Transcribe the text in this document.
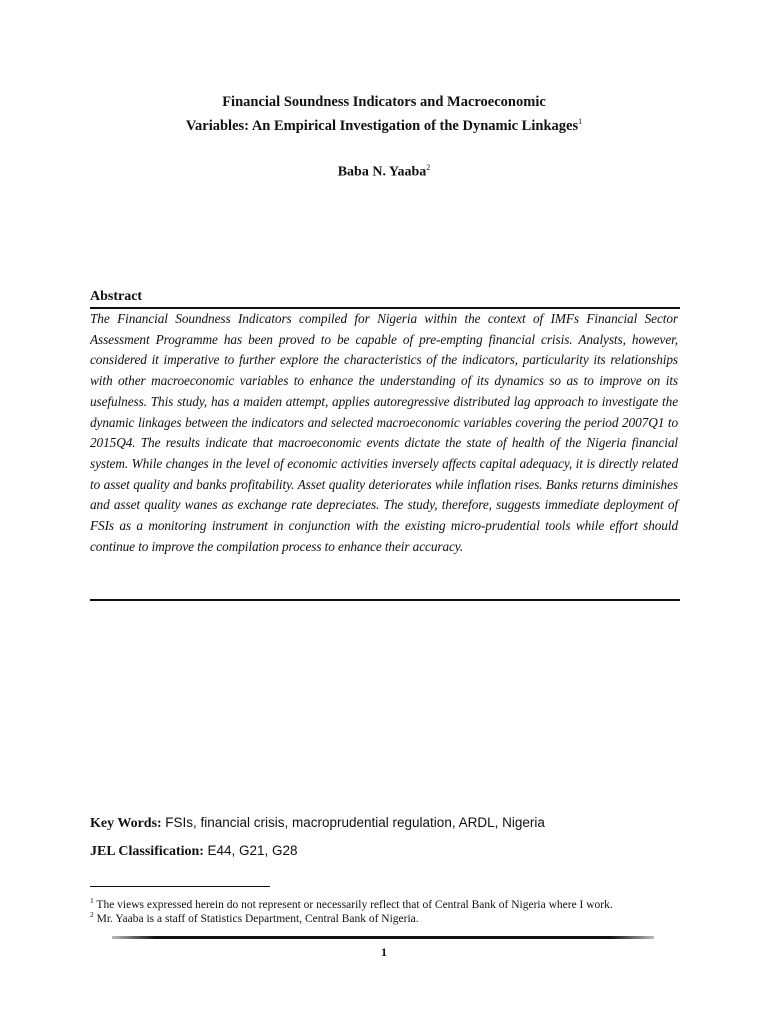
Financial Soundness Indicators and Macroeconomic
Variables: An Empirical Investigation of the Dynamic Linkages$^1$
Baba N. Yaaba$^2$
Abstract
The Financial Soundness Indicators compiled for Nigeria within the context of IMFs Financial Sector Assessment Programme has been proved to be capable of pre-empting financial crisis. Analysts, however, considered it imperative to further explore the characteristics of the indicators, particularity its relationships with other macroeconomic variables to enhance the understanding of its dynamics so as to improve on its usefulness. This study, has a maiden attempt, applies autoregressive distributed lag approach to investigate the dynamic linkages between the indicators and selected macroeconomic variables covering the period 2007Q1 to 2015Q4. The results indicate that macroeconomic events dictate the state of health of the Nigeria financial system. While changes in the level of economic activities inversely affects capital adequacy, it is directly related to asset quality and banks profitability. Asset quality deteriorates while inflation rises. Banks returns diminishes and asset quality wanes as exchange rate depreciates. The study, therefore, suggests immediate deployment of FSIs as a monitoring instrument in conjunction with the existing micro-prudential tools while effort should continue to improve the compilation process to enhance their accuracy.
Key Words: FSIs, financial crisis, macroprudential regulation, ARDL, Nigeria
JEL Classification: E44, G21, G28
$^1$ The views expressed herein do not represent or necessarily reflect that of Central Bank of Nigeria where I work.
$^2$ Mr. Yaaba is a staff of Statistics Department, Central Bank of Nigeria.
1
